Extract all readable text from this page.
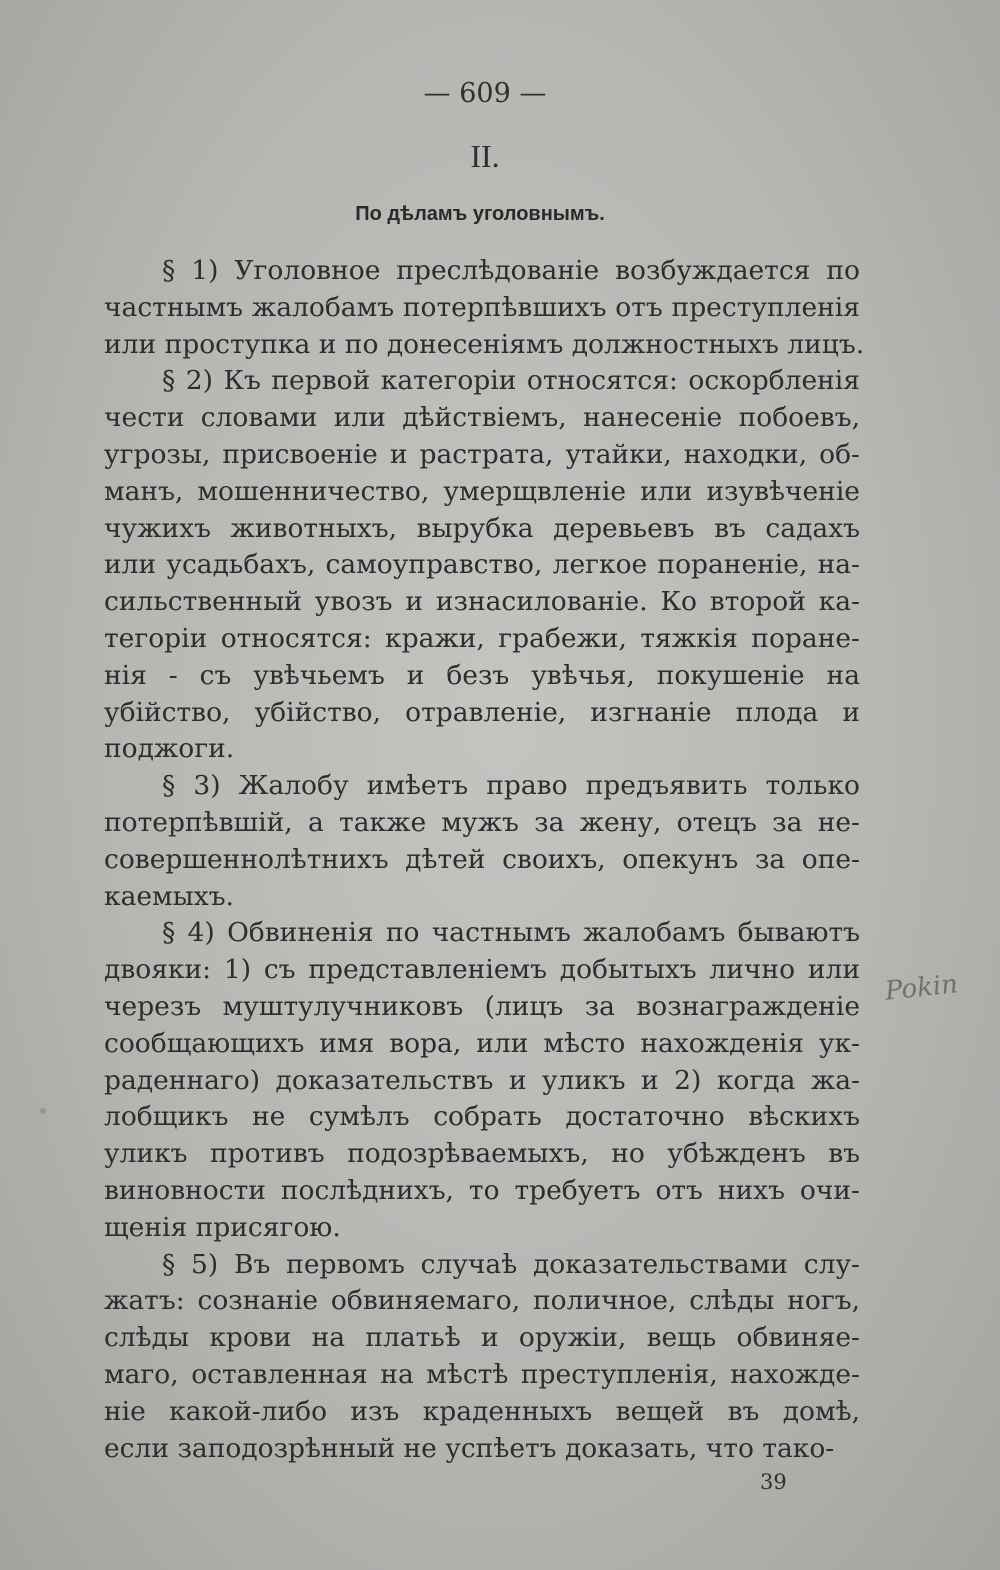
— 609 —
II.
По дѣламъ уголовнымъ.
§ 1) Уголовное преслѣдованіе возбуждается по
частнымъ жалобамъ потерпѣвшихъ отъ преступленія
или проступка и по донесеніямъ должностныхъ лицъ.
§ 2) Къ первой категоріи относятся: оскорбленія
чести словами или дѣйствіемъ, нанесеніе побоевъ,
угрозы, присвоеніе и растрата, утайки, находки, об-
манъ, мошенничество, умерщвленіе или изувѣченіе
чужихъ животныхъ, вырубка деревьевъ въ садахъ
или усадьбахъ, самоуправство, легкое пораненіе, на-
сильственный увозъ и изнасилованіе. Ко второй ка-
тегоріи относятся: кражи, грабежи, тяжкія поране-
нія - съ увѣчьемъ и безъ увѣчья, покушеніе на
убійство, убійство, отравленіе, изгнаніе плода и
поджоги.
§ 3) Жалобу имѣетъ право предъявить только
потерпѣвшій, а также мужъ за жену, отецъ за не-
совершеннолѣтнихъ дѣтей своихъ, опекунъ за опе-
каемыхъ.
§ 4) Обвиненія по частнымъ жалобамъ бываютъ
двояки: 1) съ представленіемъ добытыхъ лично или
черезъ муштулучниковъ (лицъ за вознагражденіе
сообщающихъ имя вора, или мѣсто нахожденія ук-
раденнаго) доказательствъ и уликъ и 2) когда жа-
лобщикъ не сумѣлъ собрать достаточно вѣскихъ
уликъ противъ подозрѣваемыхъ, но убѣжденъ въ
виновности послѣднихъ, то требуетъ отъ нихъ очи-
щенія присягою.
§ 5) Въ первомъ случаѣ доказательствами слу-
жатъ: сознаніе обвиняемаго, поличное, слѣды ногъ,
слѣды крови на платьѣ и оружіи, вещь обвиняе-
маго, оставленная на мѣстѣ преступленія, нахожде-
ніе какой-либо изъ краденныхъ вещей въ домѣ,
если заподозрѣнный не успѣетъ доказать, что тако-
Pokin
39
